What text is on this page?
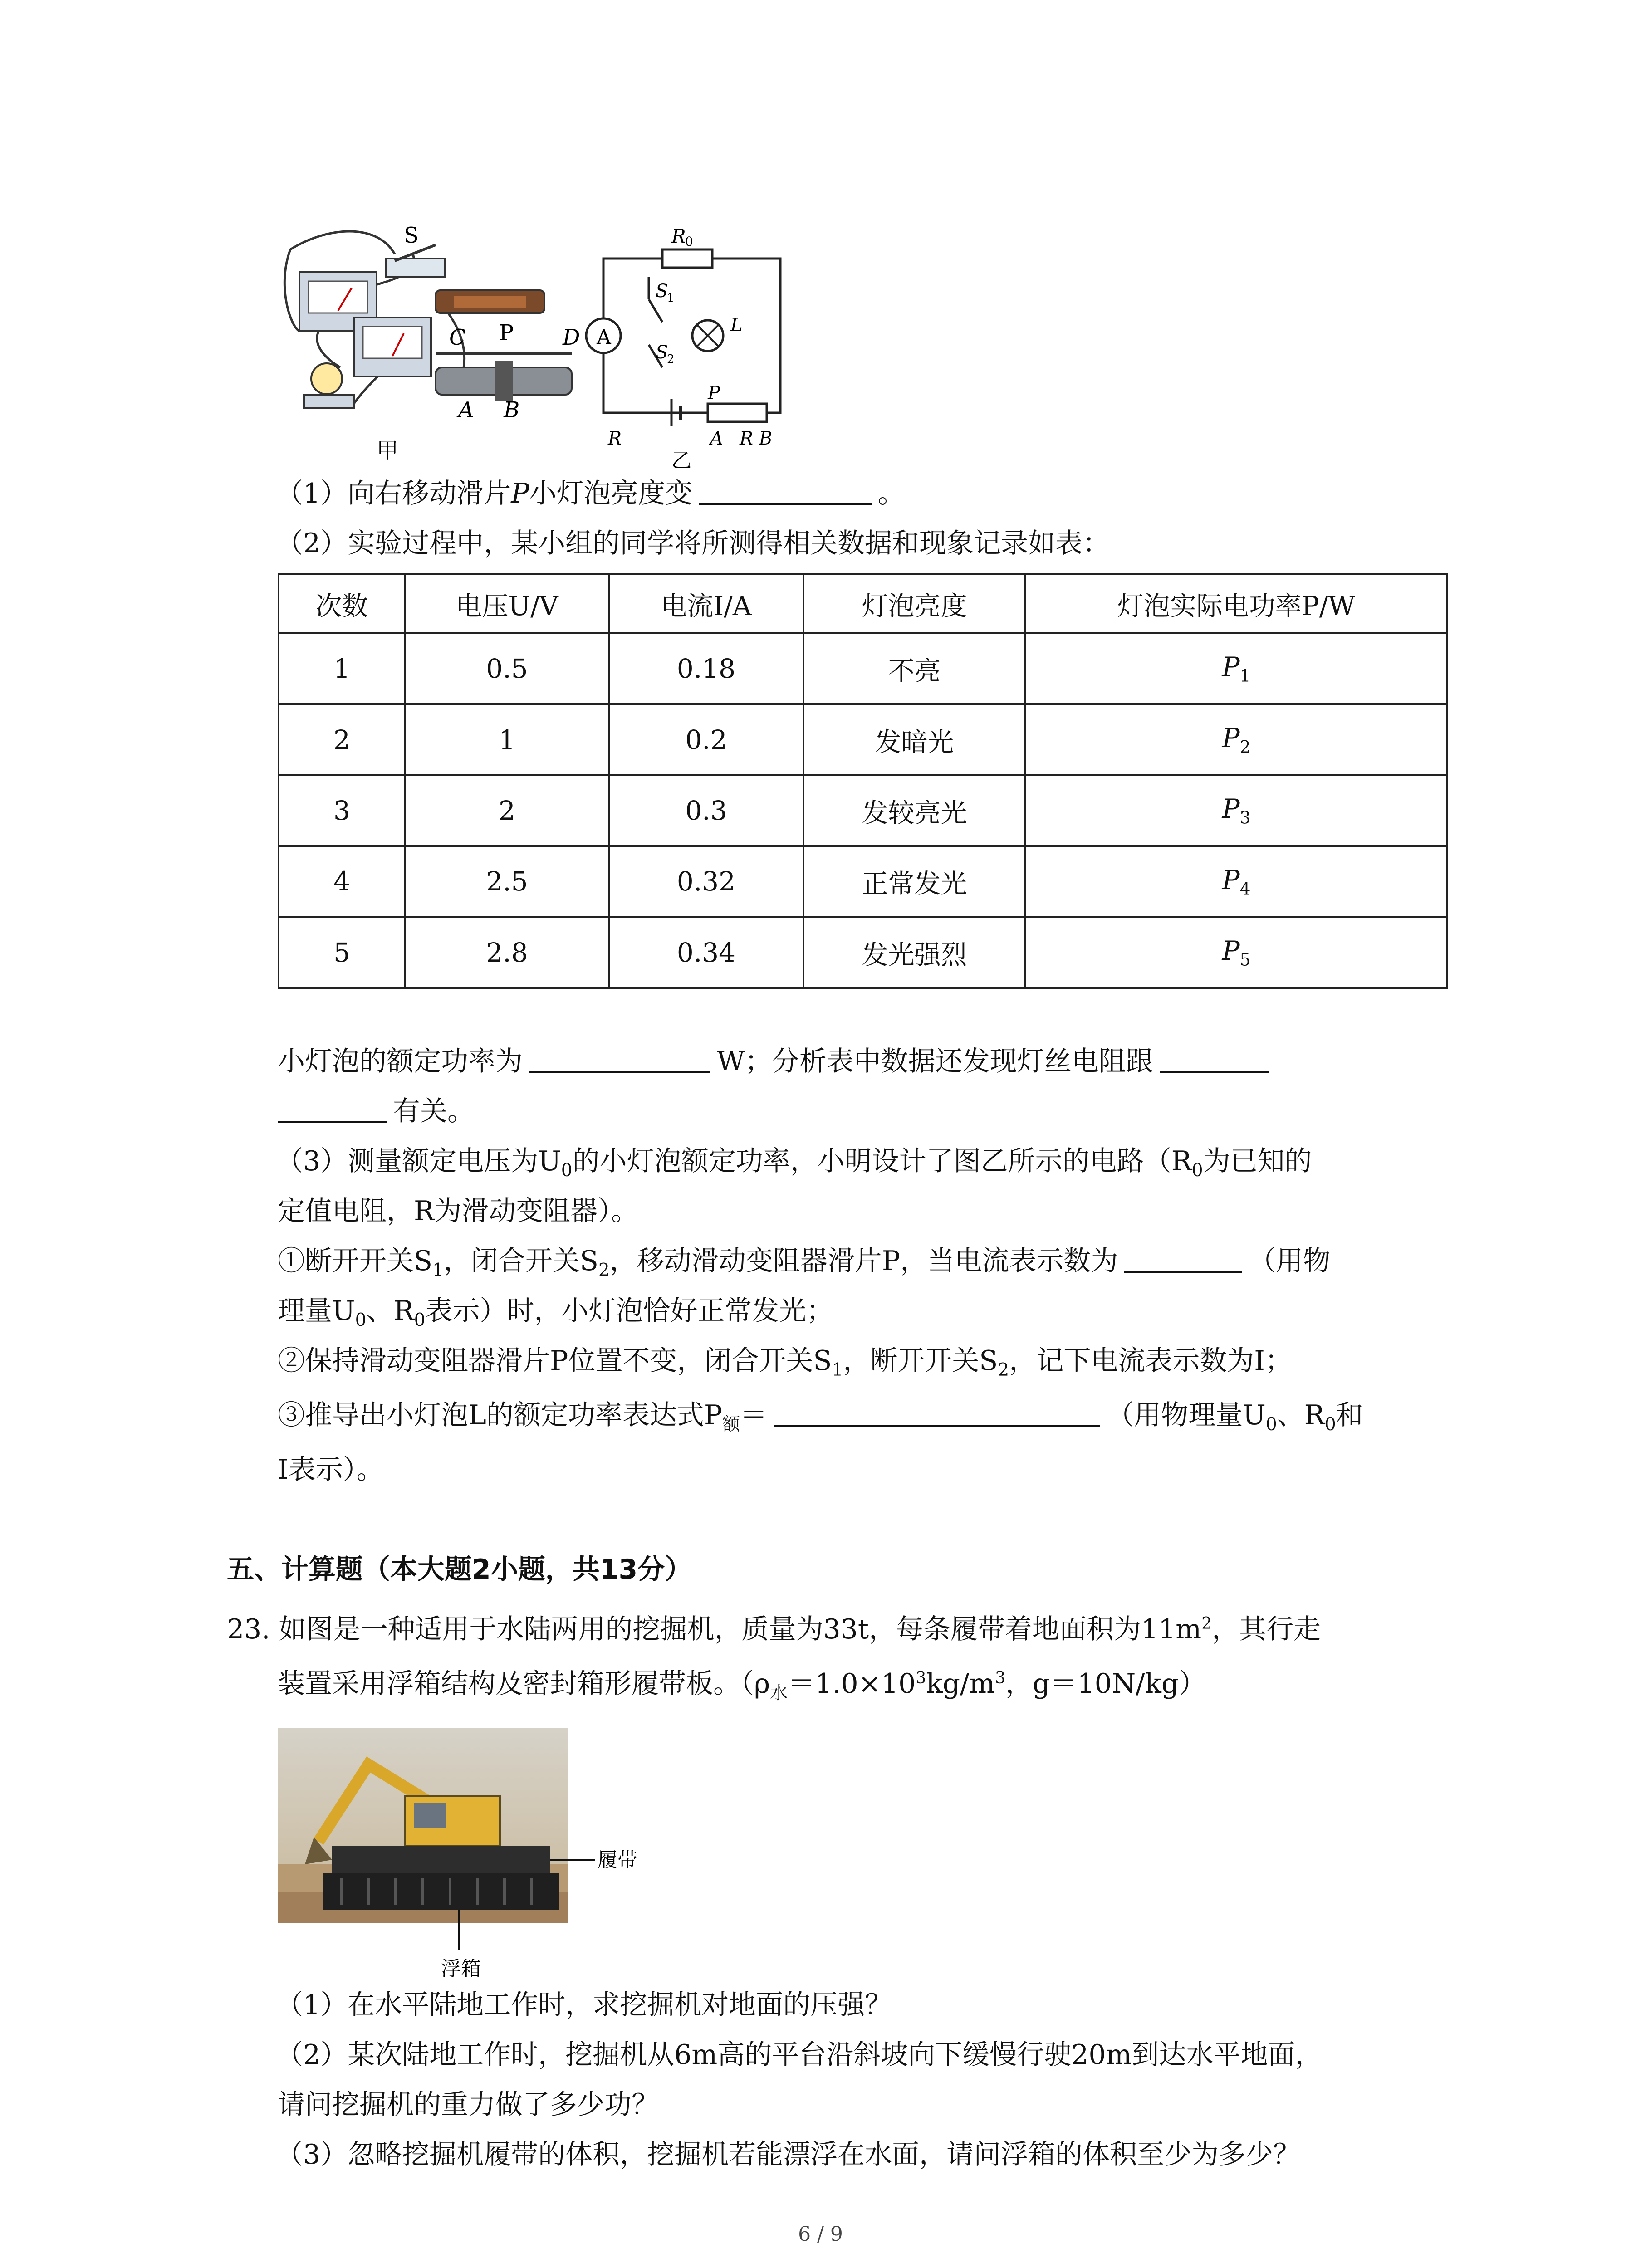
C P D
A B
S
甲
R
0
A
S
1
S
2
L
P
R	A R B
乙
（1）向右移动滑片P小灯泡亮度变	。
（2）实验过程中，某小组的同学将所测得相关数据和现象记录如表：
次数	电压U/V	电流I/A	灯泡亮度	灯泡实际电功率P/W
1	0.5	0.18	不亮	$P_1$
2	1	0.2	发暗光	$P_2$
3	2	0.3	发较亮光	$P_3$
4	2.5	0.32	正常发光	$P_4$
5	2.8	0.34	发光强烈	$P_5$
小灯泡的额定功率为	W；分析表中数据还发现灯丝电阻跟
有关。
（3）测量额定电压为$U_0$的小灯泡额定功率，小明设计了图乙所示的电路（$R_0$为已知的
定值电阻，R为滑动变阻器）。
①断开开关$S_1$，闭合开关$S_2$，移动滑动变阻器滑片P，当电流表示数为	（用物
理量$U_0$、$R_0$表示）时，小灯泡恰好正常发光；
②保持滑动变阻器滑片P位置不变，闭合开关$S_1$，断开开关$S_2$，记下电流表示数为I；
③推导出小灯泡L的额定功率表达式$P_额=$	（用物理量$U_0$、$R_0$和
I表示）。
五、计算题（本大题2小题，共13分）
23. 如图是一种适用于水陆两用的挖掘机，质量为33t，每条履带着地面积为$11m^2$，其行走
装置采用浮箱结构及密封箱形履带板。（$\rho_水=1.0\times 10^3kg/m^3$，g＝10N/kg）
履带
浮箱
（1）在水平陆地工作时，求挖掘机对地面的压强？
（2）某次陆地工作时，挖掘机从6m高的平台沿斜坡向下缓慢行驶20m到达水平地面，
请问挖掘机的重力做了多少功？
（3）忽略挖掘机履带的体积，挖掘机若能漂浮在水面，请问浮箱的体积至少为多少？
6 / 9
